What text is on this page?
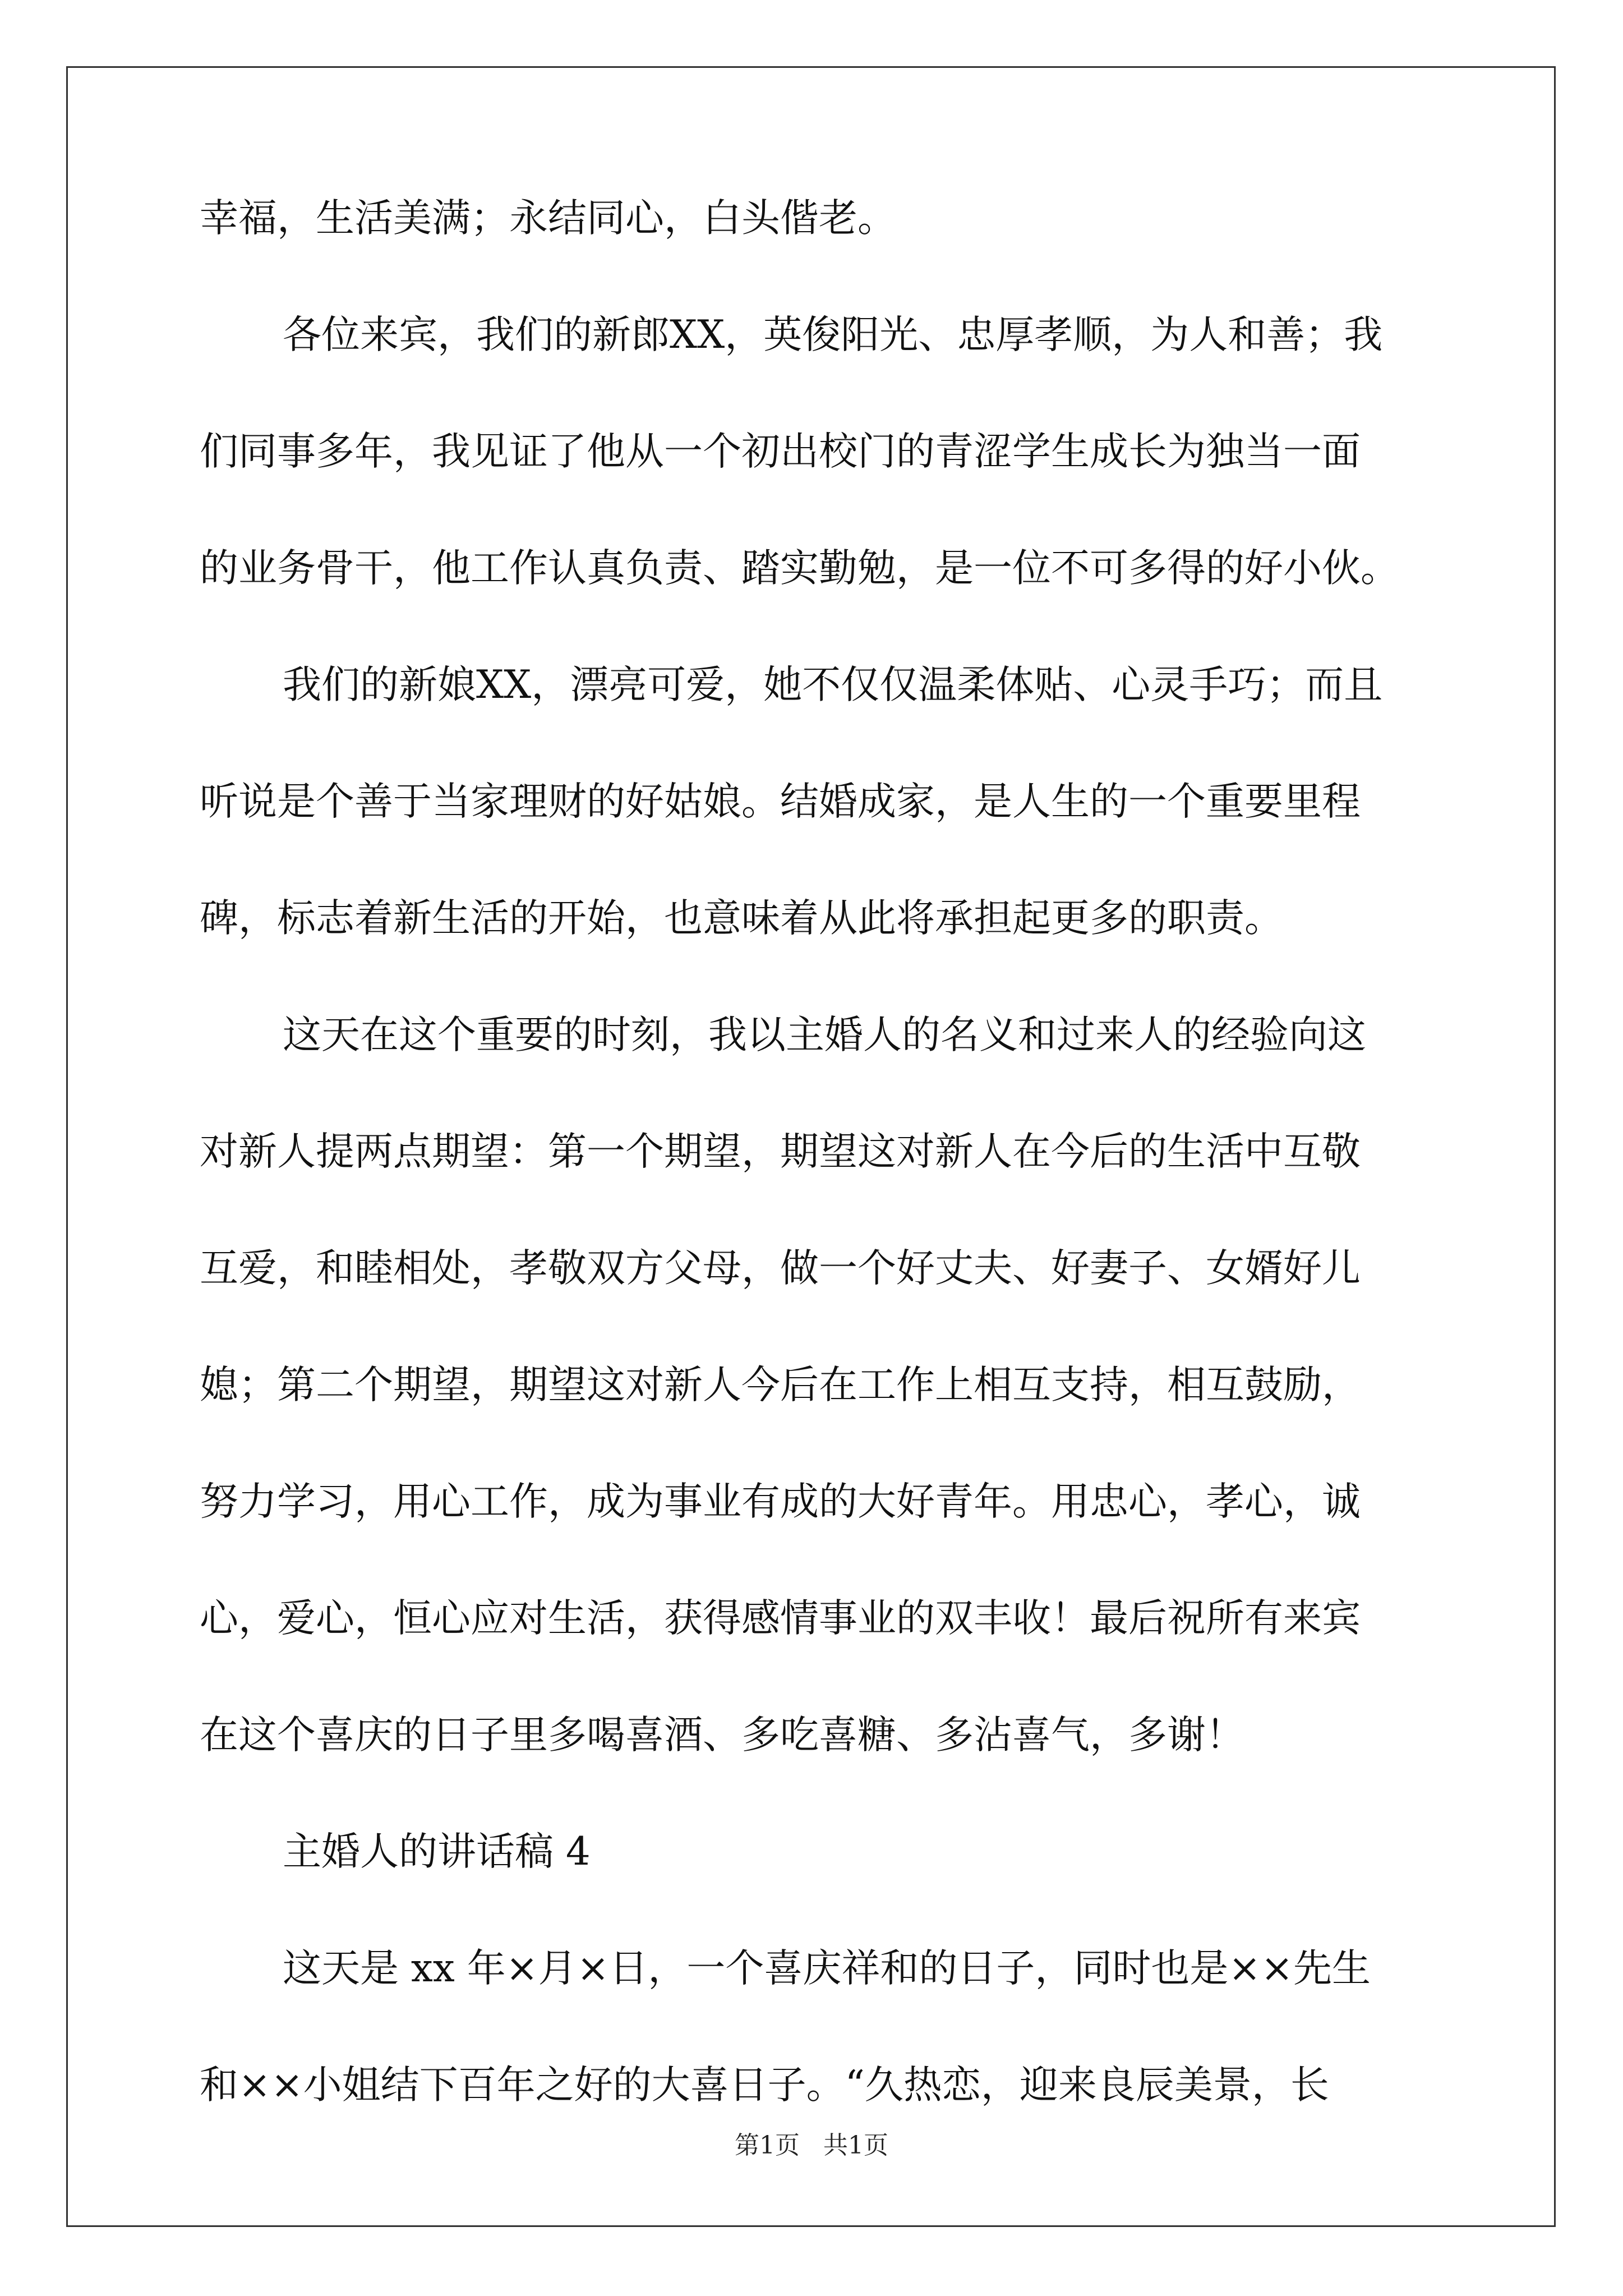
幸福，生活美满；永结同心，白头偕老。

各位来宾，我们的新郎XX，英俊阳光、忠厚孝顺，为人和善；我

们同事多年，我见证了他从一个初出校门的青涩学生成长为独当一面

的业务骨干，他工作认真负责、踏实勤勉，是一位不可多得的好小伙。

我们的新娘XX，漂亮可爱，她不仅仅温柔体贴、心灵手巧；而且

听说是个善于当家理财的好姑娘。结婚成家，是人生的一个重要里程

碑，标志着新生活的开始，也意味着从此将承担起更多的职责。

这天在这个重要的时刻，我以主婚人的名义和过来人的经验向这

对新人提两点期望：第一个期望，期望这对新人在今后的生活中互敬

互爱，和睦相处，孝敬双方父母，做一个好丈夫、好妻子、女婿好儿

媳；第二个期望，期望这对新人今后在工作上相互支持，相互鼓励，

努力学习，用心工作，成为事业有成的大好青年。用忠心，孝心，诚

心，爱心，恒心应对生活，获得感情事业的双丰收！最后祝所有来宾

在这个喜庆的日子里多喝喜酒、多吃喜糖、多沾喜气，多谢！

主婚人的讲话稿 4

这天是 xx 年×月×日，一个喜庆祥和的日子，同时也是××先生

和××小姐结下百年之好的大喜日子。“久热恋，迎来良辰美景，长

第1页   共1页
